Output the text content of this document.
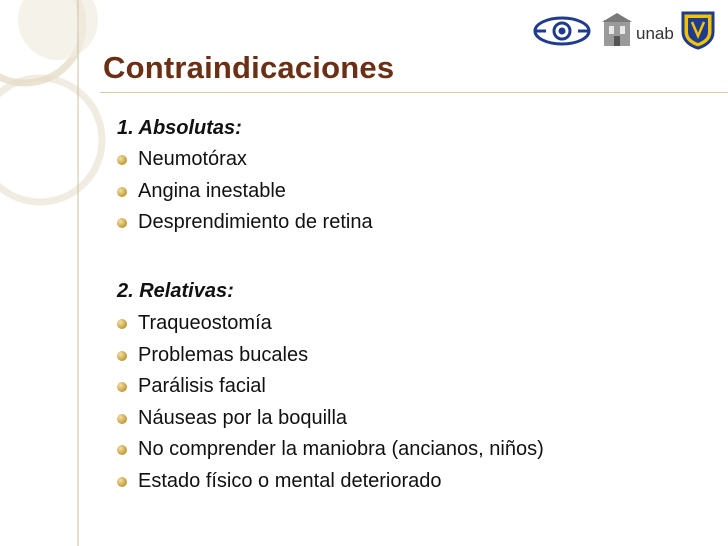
unab
Contraindicaciones
1. Absolutas:
Neumotórax
Angina inestable
Desprendimiento de retina
2. Relativas:
Traqueostomía
Problemas bucales
Parálisis facial
Náuseas por la boquilla
No comprender la maniobra (ancianos, niños)
Estado físico o mental deteriorado
